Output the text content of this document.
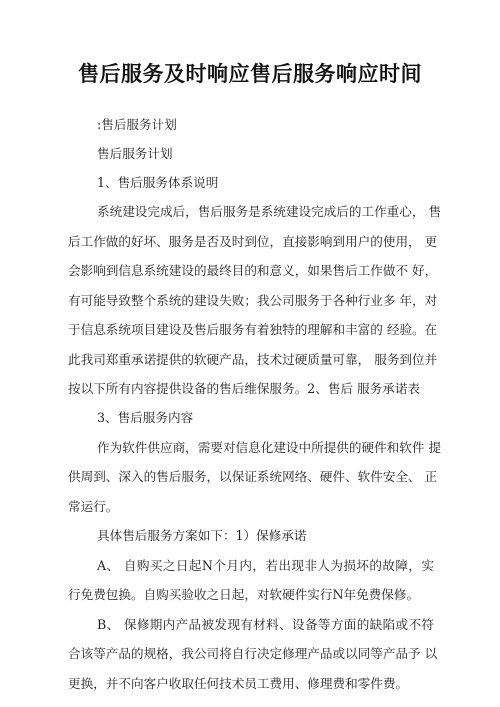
售后服务及时响应售后服务响应时间
:售后服务计划
售后服务计划
1、售后服务体系说明
系统建设完成后，售后服务是系统建设完成后的工作重心， 售
后工作做的好坏、服务是否及时到位，直接影响到用户的使用， 更
会影响到信息系统建设的最终目的和意义，如果售后工作做不 好，
有可能导致整个系统的建设失败；我公司服务于各种行业多 年，对
于信息系统项目建设及售后服务有着独特的理解和丰富的 经验。在
此我司郑重承诺提供的软硬产品，技术过硬质量可靠， 服务到位并
按以下所有内容提供设备的售后维保服务。2、售后 服务承诺表
3、售后服务内容
作为软件供应商，需要对信息化建设中所提供的硬件和软件 提
供周到、深入的售后服务，以保证系统网络、硬件、软件安全、 正
常运行。
具体售后服务方案如下：1）保修承诺
A、 自购买之日起N个月内，若出现非人为损坏的故障，实
行免费包换。自购买验收之日起，对软硬件实行N年免费保修。
B、 保修期内产品被发现有材料、设备等方面的缺陷或不符
合该等产品的规格，我公司将自行决定修理产品或以同等产品予 以
更换，并不向客户收取任何技术员工费用、修理费和零件费。
